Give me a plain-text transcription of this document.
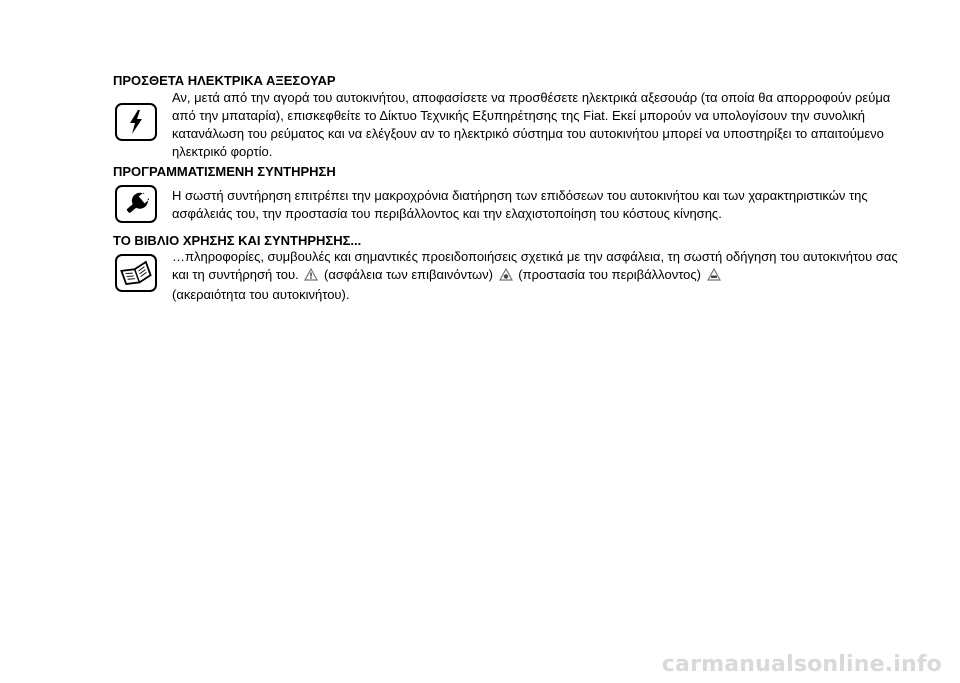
ΠΡΟΣΘΕΤΑ ΗΛΕΚΤΡΙΚΑ ΑΞΕΣΟΥΑΡ
Αν, μετά από την αγορά του αυτοκινήτου, αποφασίσετε να προσθέσετε ηλεκτρικά αξεσουάρ (τα οποία θα απορροφούν ρεύμα από την μπαταρία), επισκεφθείτε το Δίκτυο Τεχνικής Εξυπηρέτησης της Fiat. Εκεί μπορούν να υπολογίσουν την συνολική κατανάλωση του ρεύματος και να ελέγξουν αν το ηλεκτρικό σύστημα του αυτοκινήτου μπορεί να υποστηρίξει το απαιτούμενο ηλεκτρικό φορτίο.
ΠΡΟΓΡΑΜΜΑΤΙΣΜΕΝΗ ΣΥΝΤΗΡΗΣΗ
Η σωστή συντήρηση επιτρέπει την μακροχρόνια διατήρηση των επιδόσεων του αυτοκινήτου και των χαρακτηριστικών της ασφάλειάς του, την προστασία του περιβάλλοντος και την ελαχιστοποίηση του κόστους κίνησης.
ΤΟ ΒΙΒΛΙΟ ΧΡΗΣΗΣ ΚΑΙ ΣΥΝΤΗΡΗΣΗΣ...
…πληροφορίες, συμβουλές και σημαντικές προειδοποιήσεις σχετικά με την ασφάλεια, τη σωστή οδήγηση του αυτοκινήτου σας και τη συντήρησή του. (ασφάλεια των επιβαινόντων) (προστασία του περιβάλλοντος)
(ακεραιότητα του αυτοκινήτου).
carmanualsonline.info
